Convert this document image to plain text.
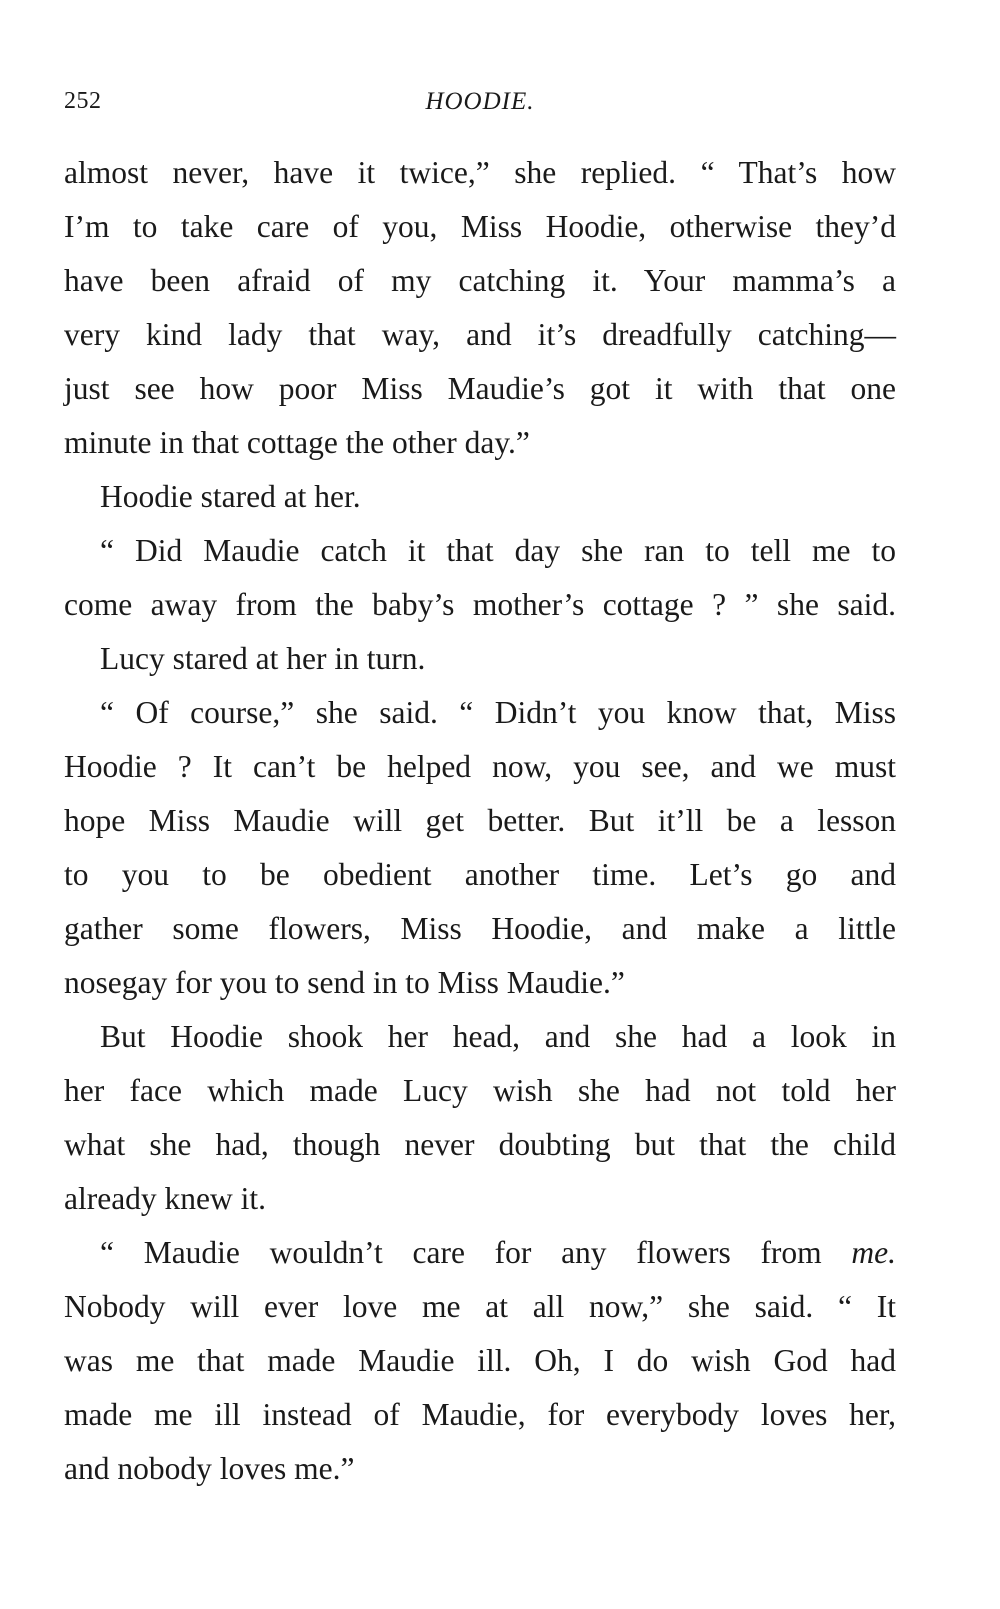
252	HOODIE.
almost never, have it twice,” she replied. “ That’s how
I’m to take care of you, Miss Hoodie, otherwise they’d
have been afraid of my catching it. Your mamma’s a
very kind lady that way, and it’s dreadfully catching—
just see how poor Miss Maudie’s got it with that one
minute in that cottage the other day.”
Hoodie stared at her.
“ Did Maudie catch it that day she ran to tell me to
come away from the baby’s mother’s cottage ? ” she said.
Lucy stared at her in turn.
“ Of course,” she said. “ Didn’t you know that, Miss
Hoodie ? It can’t be helped now, you see, and we must
hope Miss Maudie will get better. But it’ll be a lesson
to you to be obedient another time. Let’s go and
gather some flowers, Miss Hoodie, and make a little
nosegay for you to send in to Miss Maudie.”
But Hoodie shook her head, and she had a look in
her face which made Lucy wish she had not told her
what she had, though never doubting but that the child
already knew it.
“ Maudie wouldn’t care for any flowers from me.
Nobody will ever love me at all now,” she said. “ It
was me that made Maudie ill. Oh, I do wish God had
made me ill instead of Maudie, for everybody loves her,
and nobody loves me.”
